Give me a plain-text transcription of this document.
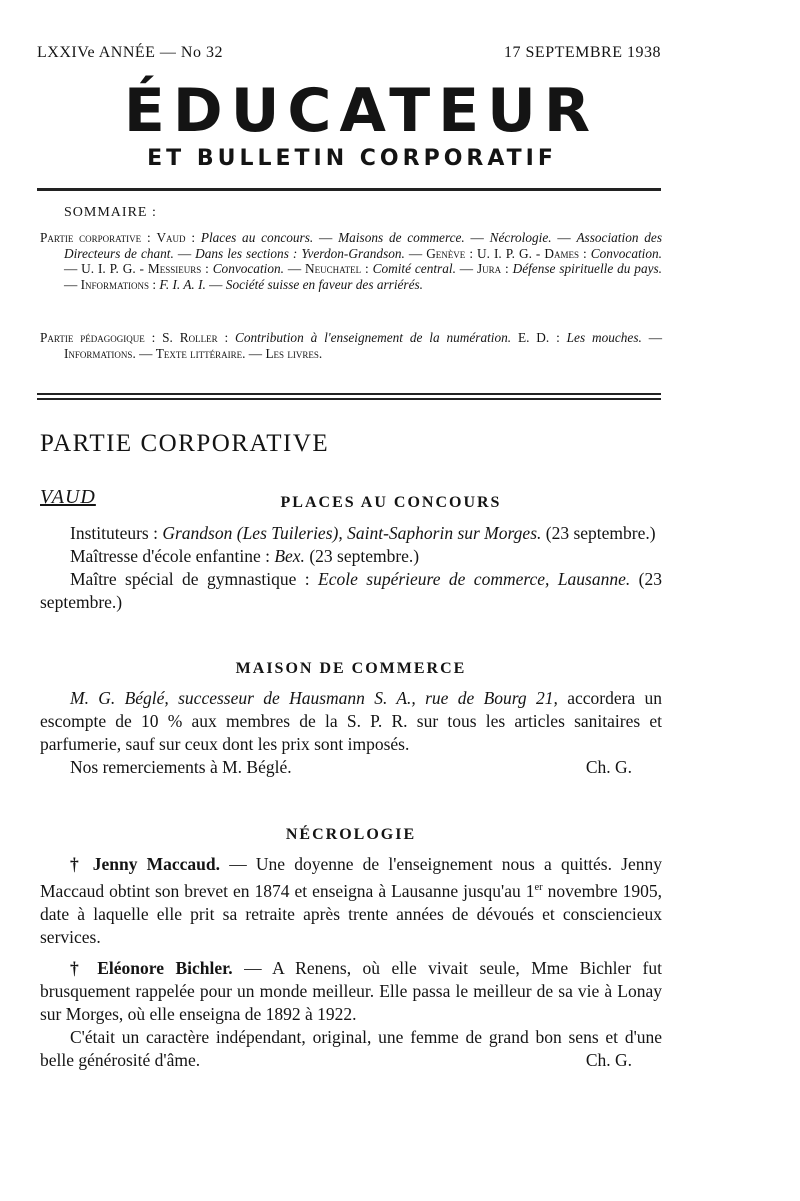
LXXIVe ANNÉE — No 32	17 SEPTEMBRE 1938
ÉDUCATEUR
ET BULLETIN CORPORATIF
SOMMAIRE :

Partie corporative : Vaud : Places au concours. — Maisons de commerce. — Nécrologie. — Association des Directeurs de chant. — Dans les sections : Yverdon-Grandson. — Genève : U. I. P. G. - Dames : Convocation. — U. I. P. G. - Messieurs : Convocation. — Neuchatel : Comité central. — Jura : Défense spirituelle du pays. — Informations : F. I. A. I. — Société suisse en faveur des arriérés.

Partie pédagogique : S. Roller : Contribution à l'enseignement de la numération. E. D. : Les mouches. — Informations. — Texte littéraire. — Les livres.

PARTIE CORPORATIVE
VAUD	PLACES AU CONCOURS

Instituteurs : Grandson (Les Tuileries), Saint-Saphorin sur Morges. (23 septembre.)

Maîtresse d'école enfantine : Bex. (23 septembre.)

Maître spécial de gymnastique : Ecole supérieure de commerce, Lausanne. (23 septembre.)

MAISON DE COMMERCE

M. G. Béglé, successeur de Hausmann S. A., rue de Bourg 21, accordera un escompte de 10 % aux membres de la S. P. R. sur tous les articles sanitaires et parfumerie, sauf sur ceux dont les prix sont imposés.

Nos remerciements à M. Béglé.	Ch. G.

NÉCROLOGIE

† Jenny Maccaud. — Une doyenne de l'enseignement nous a quittés. Jenny Maccaud obtint son brevet en 1874 et enseigna à Lausanne jusqu'au 1er novembre 1905, date à laquelle elle prit sa retraite après trente années de dévoués et consciencieux services.

† Eléonore Bichler. — A Renens, où elle vivait seule, Mme Bichler fut brusquement rappelée pour un monde meilleur. Elle passa le meilleur de sa vie à Lonay sur Morges, où elle enseigna de 1892 à 1922.

C'était un caractère indépendant, original, une femme de grand bon sens et d'une belle générosité d'âme.	Ch. G.
